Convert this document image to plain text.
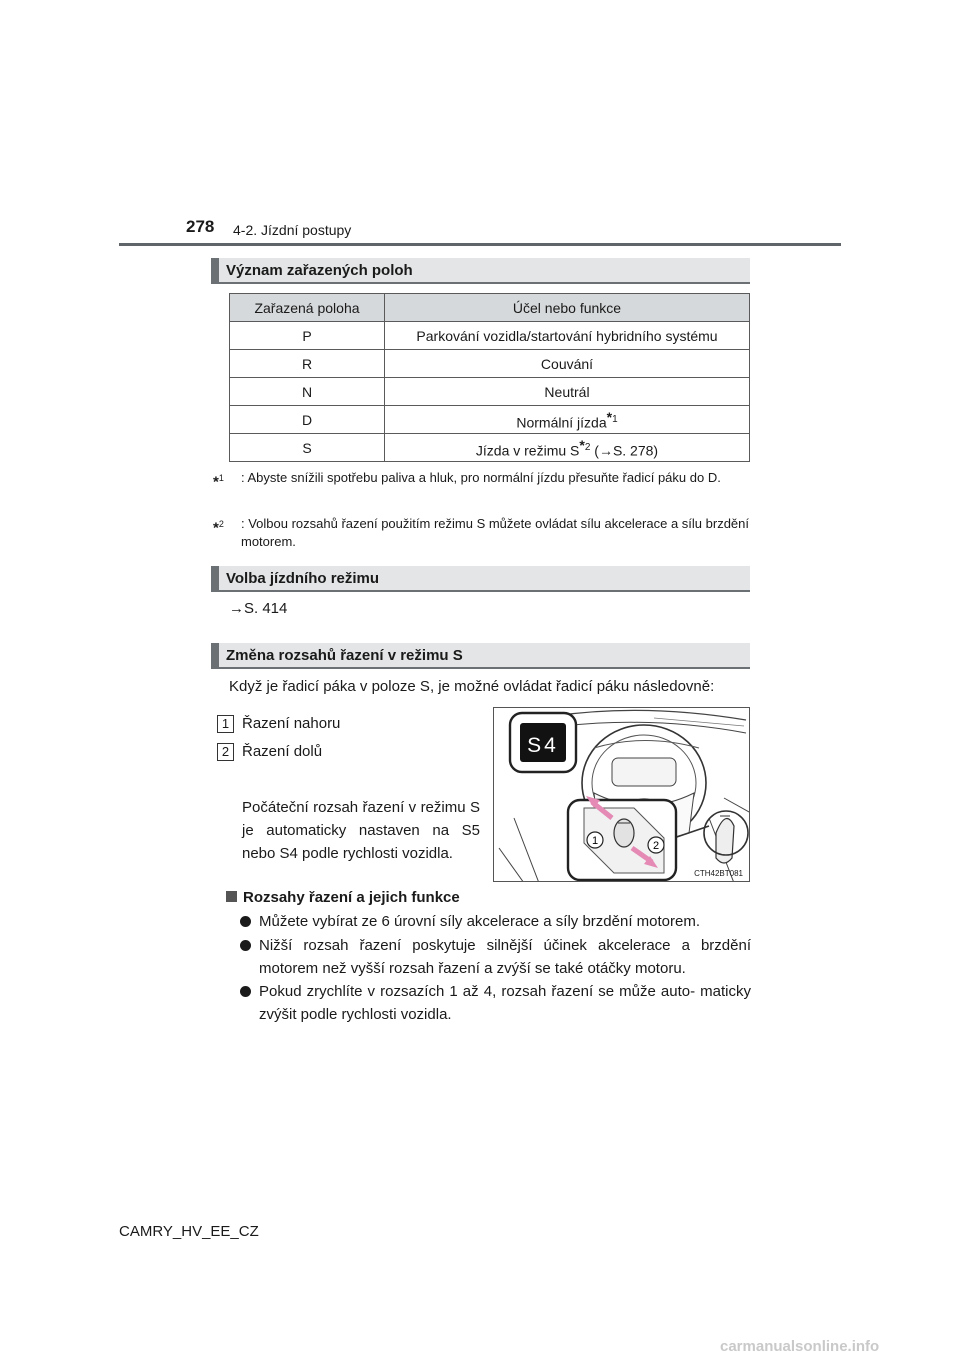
278 4-2. Jízdní postupy
Význam zařazených poloh
Zařazená poloha	Účel nebo funkce
P	Parkování vozidla/startování hybridního systému
R	Couvání
N	Neutrál
D	Normální jízda$^{*1}$
S	Jízda v režimu $S^{*2}$ (→S. 278)
*$^1$	: Abyste snížili spotřebu paliva a hluk, pro normální jízdu přesuňte řadicí páku do D.
*$^2$	: Volbou rozsahů řazení použitím režimu S můžete ovládat sílu akcelerace a sílu brzdění motorem.
Volba jízdního režimu
→S. 414
Změna rozsahů řazení v režimu S
Když je řadicí páka v poloze S, je možné ovládat řadicí páku následovně:
1 Řazení nahoru
2 Řazení dolů
Počáteční rozsah řazení v režimu S je automaticky nastaven na S5 nebo S4 podle rychlosti vozidla.
1	2
S4
CTH42BT081
Rozsahy řazení a jejich funkce
Můžete vybírat ze 6 úrovní síly akcelerace a síly brzdění motorem.
Nižší rozsah řazení poskytuje silnější účinek akcelerace a brzdění motorem než vyšší rozsah řazení a zvýší se také otáčky motoru.
Pokud zrychlíte v rozsazích 1 až 4, rozsah řazení se může auto- maticky zvýšit podle rychlosti vozidla.
CAMRY_HV_EE_CZ
carmanualsonline.info
